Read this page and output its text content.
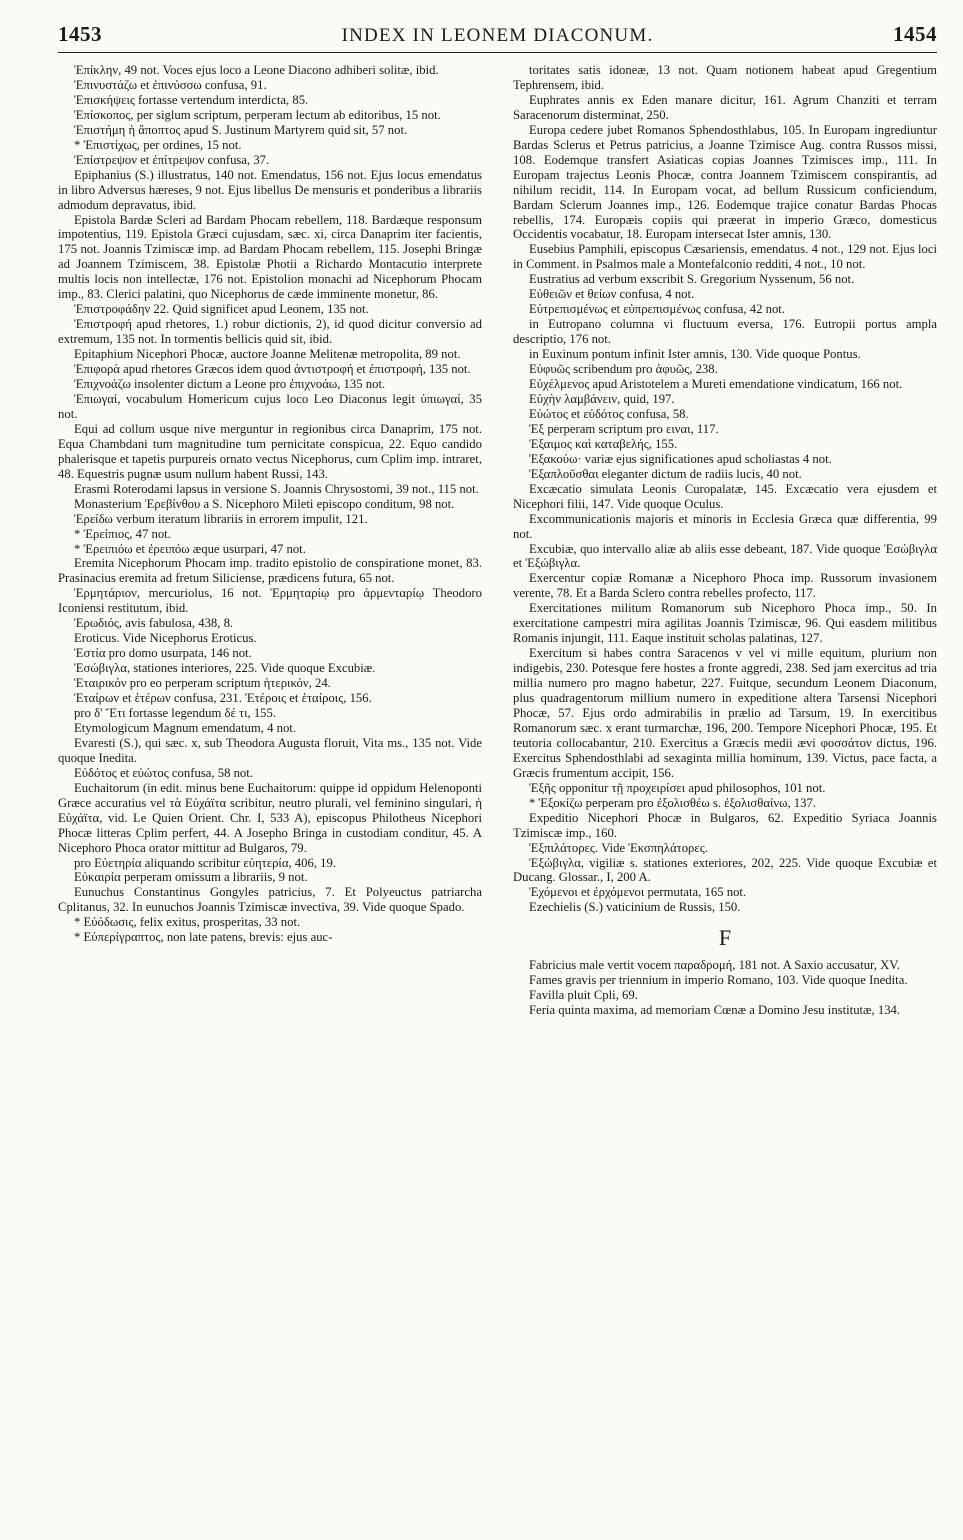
1453	INDEX IN LEONEM DIACONUM.	1454

Ἐπίκλην, 49 not. Voces ejus loco a Leone Diacono adhiberi solitæ, ibid.

Ἐπινυστάζω et ἐπινύσσω confusa, 91.

Ἐπισκήψεις fortasse vertendum interdicta, 85.

Ἐπίσκοπος, per siglum scriptum, perperam lectum ab editoribus, 15 not.

Ἐπιστήμη ἡ ἄποπτος apud S. Justinum Martyrem quid sit, 57 not.

* Ἐπιστίχως, per ordines, 15 not.

Ἐπίστρεψον et ἐπίτρεψον confusa, 37.

Epiphanius (S.) illustratus, 140 not. Emendatus, 156 not. Ejus locus emendatus in libro Adversus hæreses, 9 not. Ejus libellus De mensuris et ponderibus a librariis admodum depravatus, ibid.

Epistola Bardæ Scleri ad Bardam Phocam rebellem, 118. Bardæque responsum impotentius, 119. Epistola Græci cujusdam, sæc. xi, circa Danaprim iter facientis, 175 not. Joannis Tzimiscæ imp. ad Bardam Phocam rebellem, 115. Josephi Bringæ ad Joannem Tzimiscem, 38. Epistolæ Photii a Richardo Montacutio interprete multis locis non intellectæ, 176 not. Epistolion monachi ad Nicephorum Phocam imp., 83. Clerici palatini, quo Nicephorus de cæde imminente monetur, 86.

Ἐπιστροφάδην 22. Quid significet apud Leonem, 135 not.

Ἐπιστροφή apud rhetores, 1.) robur dictionis, 2), id quod dicitur conversio ad extremum, 135 not. In tormentis bellicis quid sit, ibid.

Epitaphium Nicephori Phocæ, auctore Joanne Melitenæ metropolita, 89 not.

Ἐπιφορὰ apud rhetores Græcos idem quod ἀντιστροφή et ἐπιστροφή, 135 not.

Ἐπιχνοάζω insolenter dictum a Leone pro ἐπιχνοάω, 135 not.

Ἐπιωγαί, vocabulum Homericum cujus loco Leo Diaconus legit ὑπιωγαί, 35 not.

Equi ad collum usque nive merguntur in regionibus circa Danaprim, 175 not. Equa Chambdani tum magnitudine tum pernicitate conspicua, 22. Equo candido phalerisque et tapetis purpureis ornato vectus Nicephorus, cum Cplim imp. intraret, 48. Equestris pugnæ usum nullum habent Russi, 143.

Erasmi Roterodami lapsus in versione S. Joannis Chrysostomi, 39 not., 115 not.

Monasterium Ἐρεβίνθου a S. Nicephoro Mileti episcopo conditum, 98 not.

Ἐρείδω verbum iteratum librariis in errorem impulit, 121.

* Ἐρείπιος, 47 not.

* Ἐρειπιόω et ἐρειπόω æque usurpari, 47 not.

Eremita Nicephorum Phocam imp. tradito epistolio de conspiratione monet, 83. Prasinacius eremita ad fretum Siliciense, prædicens futura, 65 not.

Ἑρμητάριον, mercuriolus, 16 not. Ἑρμηταρίῳ pro ἀρμενταρίῳ Theodoro Iconiensi restitutum, ibid.

Ἐρωδιός, avis fabulosa, 438, 8.

Eroticus. Vide Nicephorus Eroticus.

Ἑστία pro domo usurpata, 146 not.

Ἐσώβιγλα, stationes interiores, 225. Vide quoque Excubiæ.

Ἑταιρικόν pro eo perperam scriptum ἡτερικόν, 24.

Ἑταίρων et ἑτέρων confusa, 231. Ἑτέροις et ἑταίροις, 156.

pro δ' Ἔτι fortasse legendum δέ τι, 155.

Etymologicum Magnum emendatum, 4 not.

Evaresti (S.), qui sæc. x, sub Theodora Augusta floruit, Vita ms., 135 not. Vide quoque Inedita.

Εὐδότος et εὐώτος confusa, 58 not.

Euchaitorum (in edit. minus bene Euchaitorum: quippe id oppidum Helenoponti Græce accuratius vel τὰ Εὐχάϊτα scribitur, neutro plurali, vel feminino singulari, ἡ Εὐχάϊτα, vid. Le Quien Orient. Chr. I, 533 A), episcopus Philotheus Nicephori Phocæ litteras Cplim perfert, 44. A Josepho Bringa in custodiam conditur, 45. A Nicephoro Phoca orator mittitur ad Bulgaros, 79.

pro Εὐετηρία aliquando scribitur εὐητερία, 406, 19.

Εὐκαιρία perperam omissum a librariis, 9 not.

Eunuchus Constantinus Gongyles patricius, 7. Et Polyeuctus patriarcha Cplitanus, 32. In eunuchos Joannis Tzimiscæ invectiva, 39. Vide quoque Spado.

* Εὐόδωσις, felix exitus, prosperitas, 33 not.

* Εὐπερίγραπτος, non late patens, brevis: ejus auc-

toritates satis idoneæ, 13 not. Quam notionem habeat apud Gregentium Tephrensem, ibid.

Euphrates annis ex Eden manare dicitur, 161. Agrum Chanziti et terram Saracenorum disterminat, 250.

Europa cedere jubet Romanos Sphendosthlabus, 105. In Europam ingrediuntur Bardas Sclerus et Petrus patricius, a Joanne Tzimisce Aug. contra Russos missi, 108. Eodemque transfert Asiaticas copias Joannes Tzimisces imp., 111. In Europam trajectus Leonis Phocæ, contra Joannem Tzimiscem conspirantis, ad nihilum recidit, 114. In Europam vocat, ad bellum Russicum conficiendum, Bardam Sclerum Joannes imp., 126. Eodemque trajice conatur Bardas Phocas rebellis, 174. Europæis copiis qui præerat in imperio Græco, domesticus Occidentis vocabatur, 18. Europam intersecat Ister amnis, 130.

Eusebius Pamphili, episcopus Cæsariensis, emendatus. 4 not., 129 not. Ejus loci in Comment. in Psalmos male a Montefalconio redditi, 4 not., 10 not.

Eustratius ad verbum exscribit S. Gregorium Nyssenum, 56 not.

Εὐθειῶν et θείων confusa, 4 not.

Εὐτρεπισμένως et εὐπρεπισμένως confusa, 42 not.

in Eutropano columna vi fluctuum eversa, 176. Eutropii portus ampla descriptio, 176 not.

in Euxinum pontum infinit Ister amnis, 130. Vide quoque Pontus.

Εὐφυῶς scribendum pro ἀφυῶς, 238.

Εὐχέλμενος apud Aristotelem a Mureti emendatione vindicatum, 166 not.

Εὐχὴν λαμβάνειν, quid, 197.

Εὐώτος et εὐδότος confusa, 58.

Ἐξ perperam scriptum pro ειναι, 117.

Ἐξαιμος καὶ καταβελής, 155.

Ἐξακούω· variæ ejus significationes apud scholiastas 4 not.

Ἐξαπλοῦσθαι eleganter dictum de radiis lucis, 40 not.

Excæcatio simulata Leonis Curopalatæ, 145. Excæcatio vera ejusdem et Nicephori filii, 147. Vide quoque Oculus.

Excommunicationis majoris et minoris in Ecclesia Græca quæ differentia, 99 not.

Excubiæ, quo intervallo aliæ ab aliis esse debeant, 187. Vide quoque Ἐσώβιγλα et Ἐξώβιγλα.

Exercentur copiæ Romanæ a Nicephoro Phoca imp. Russorum invasionem verente, 78. Et a Barda Sclero contra rebelles profecto, 117.

Exercitationes militum Romanorum sub Nicephoro Phoca imp., 50. In exercitatione campestri mira agilitas Joannis Tzimiscæ, 96. Qui easdem militibus Romanis injungit, 111. Eaque instituit scholas palatinas, 127.

Exercitum si habes contra Saracenos v vel vi mille equitum, plurium non indigebis, 230. Potesque fere hostes a fronte aggredi, 238. Sed jam exercitus ad tria millia numero pro magno habetur, 227. Fuitque, secundum Leonem Diaconum, plus quadragentorum millium numero in expeditione altera Tarsensi Nicephori Phocæ, 57. Ejus ordo admirabilis in prælio ad Tarsum, 19. In exercitibus Romanorum sæc. x erant turmarchæ, 196, 200. Tempore Nicephori Phocæ, 195. Et teutoria collocabantur, 210. Exercitus a Græcis medii ævi φοσσάτον dictus, 196. Exercitus Sphendosthlabi ad sexaginta millia hominum, 139. Victus, pace facta, a Græcis frumentum accipit, 156.

Ἐξῆς opponitur τῇ προχειρίσει apud philosophos, 101 not.

* Ἐξοκίζω perperam pro ἐξολισθέω s. ἐξολισθαίνω, 137.

Expeditio Nicephori Phocæ in Bulgaros, 62. Expeditio Syriaca Joannis Tzimiscæ imp., 160.

Ἐξπιλάτορες. Vide Ἐκσπηλάτορες.

Ἐξώβιγλα, vigiliæ s. stationes exteriores, 202, 225. Vide quoque Excubiæ et Ducang. Glossar., I, 200 A.

Ἐχόμενοι et ἐρχόμενοι permutata, 165 not.

Ezechielis (S.) vaticinium de Russis, 150.

F

Fabricius male vertit vocem παραδρομή, 181 not. A Saxio accusatur, XV.

Fames gravis per triennium in imperio Romano, 103. Vide quoque Inedita.

Favilla pluit Cpli, 69.

Feria quinta maxima, ad memoriam Cœnæ a Domino Jesu institutæ, 134.
